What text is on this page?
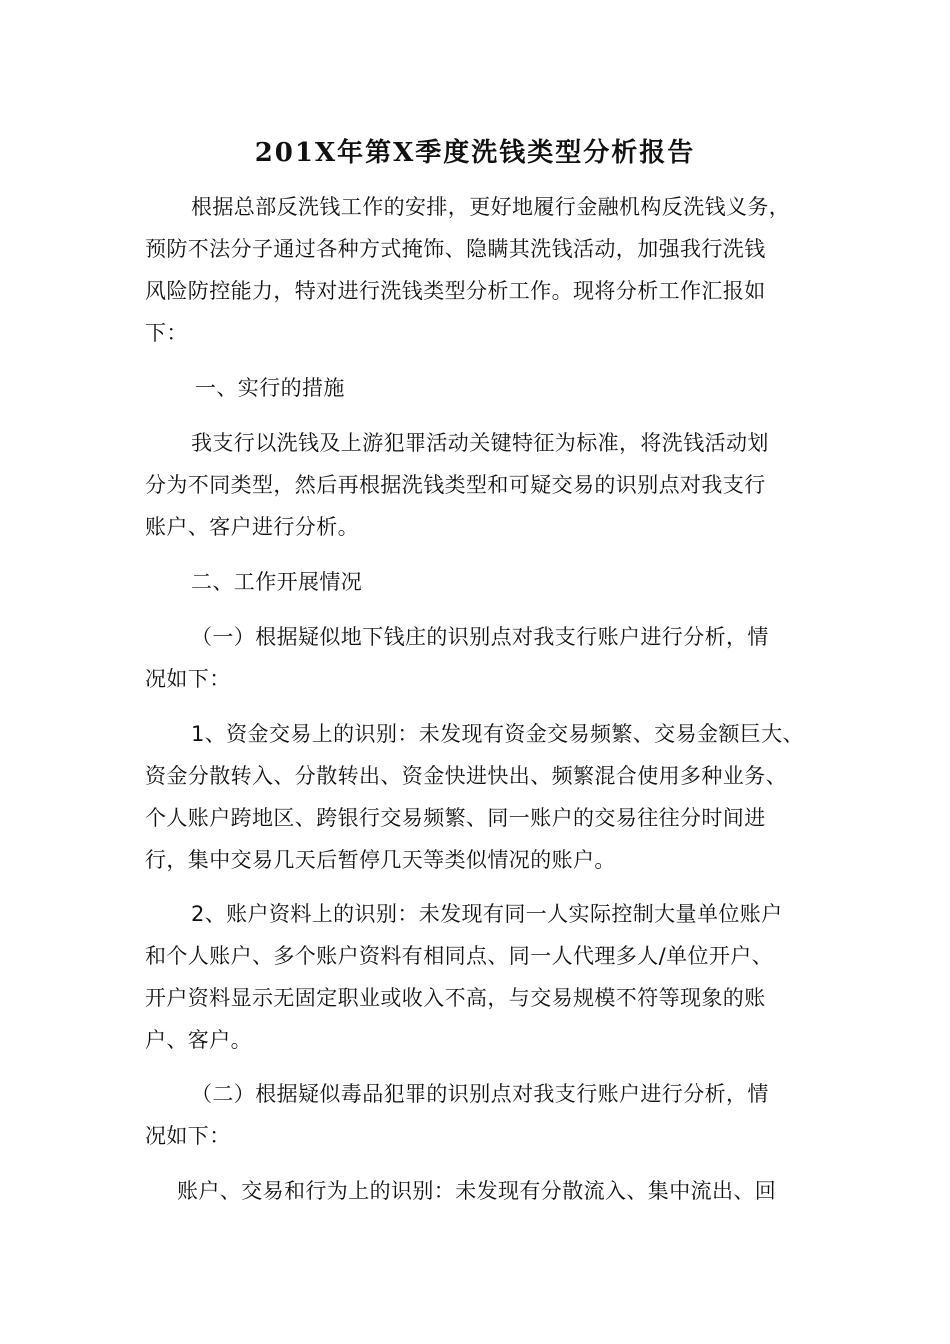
201X年第X季度洗钱类型分析报告

根据总部反洗钱工作的安排，更好地履行金融机构反洗钱义务，

预防不法分子通过各种方式掩饰、隐瞒其洗钱活动，加强我行洗钱

风险防控能力，特对进行洗钱类型分析工作。现将分析工作汇报如

下：

一、实行的措施

我支行以洗钱及上游犯罪活动关键特征为标准，将洗钱活动划

分为不同类型，然后再根据洗钱类型和可疑交易的识别点对我支行

账户、客户进行分析。

二、工作开展情况

（一）根据疑似地下钱庄的识别点对我支行账户进行分析，情

况如下：

1、资金交易上的识别：未发现有资金交易频繁、交易金额巨大、

资金分散转入、分散转出、资金快进快出、频繁混合使用多种业务、

个人账户跨地区、跨银行交易频繁、同一账户的交易往往分时间进

行，集中交易几天后暂停几天等类似情况的账户。

2、账户资料上的识别：未发现有同一人实际控制大量单位账户

和个人账户、多个账户资料有相同点、同一人代理多人/单位开户、

开户资料显示无固定职业或收入不高，与交易规模不符等现象的账

户、客户。

（二）根据疑似毒品犯罪的识别点对我支行账户进行分析，情

况如下：

账户、交易和行为上的识别：未发现有分散流入、集中流出、回
